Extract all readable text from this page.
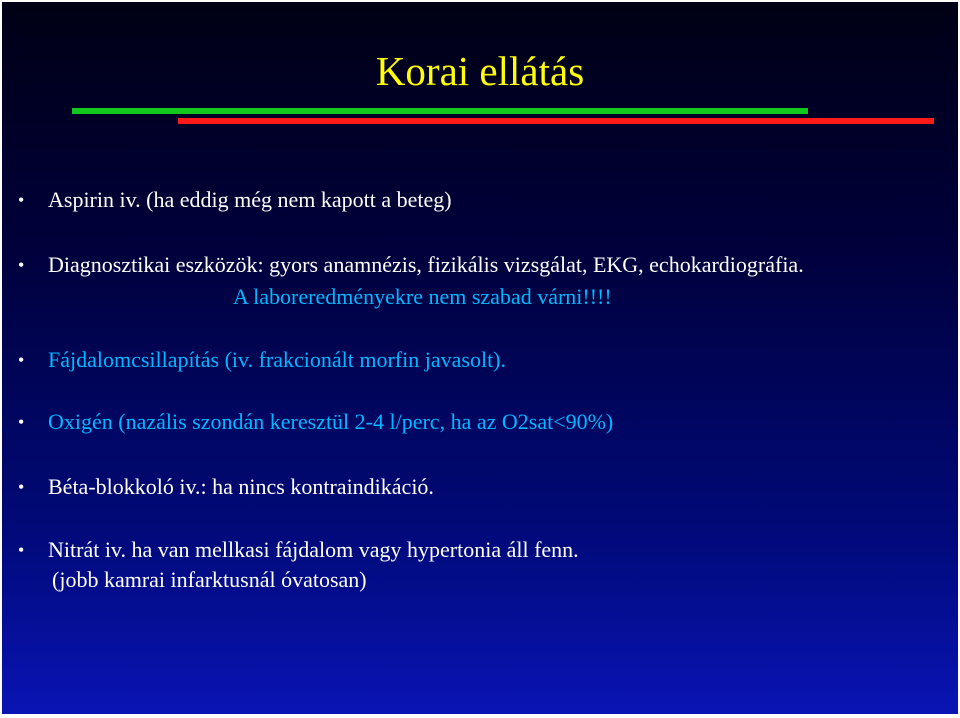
Korai ellátás
• Aspirin iv. (ha eddig még nem kapott a beteg)
• Diagnosztikai eszközök: gyors anamnézis, fizikális vizsgálat, EKG, echokardiográfia.
A laboreredményekre nem szabad várni!!!!
• Fájdalomcsillapítás (iv. frakcionált morfin javasolt).
• Oxigén (nazális szondán keresztül 2-4 l/perc, ha az O2sat<90%)
• Béta-blokkoló iv.: ha nincs kontraindikáció.
• Nitrát iv. ha van mellkasi fájdalom vagy hypertonia áll fenn.
(jobb kamrai infarktusnál óvatosan)
